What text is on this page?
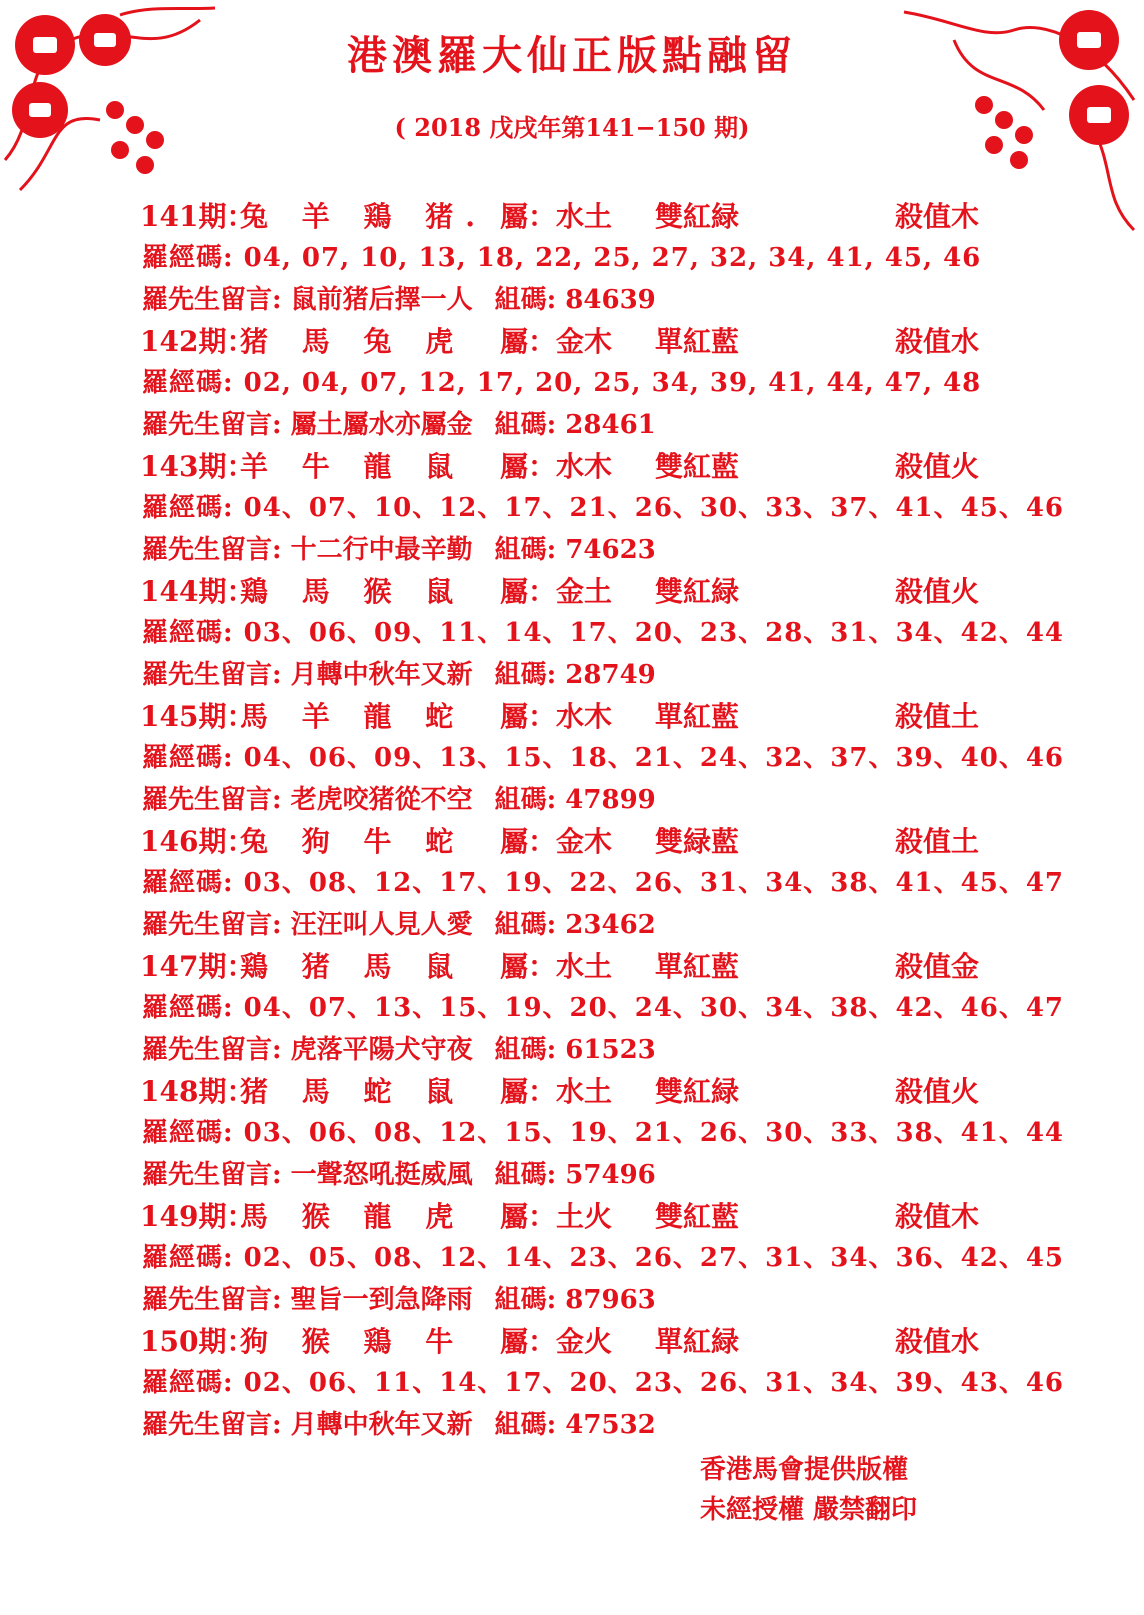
港澳羅大仙正版點融留
( 2018 戊戌年第141−150 期)
141期：
兔 羊 鶏 猪. 屬：水土 雙紅緑	殺值木
羅經碼: 04, 07, 10, 13, 18, 22, 25, 27, 32, 34, 41, 45, 46
羅先生留言: 鼠前猪后擇一人 組碼: 84639
142期：
猪 馬 兔 虎 屬：金木 單紅藍	殺值水
羅經碼: 02, 04, 07, 12, 17, 20, 25, 34, 39, 41, 44, 47, 48
羅先生留言: 屬土屬水亦屬金 組碼: 28461
143期：
羊 牛 龍 鼠 屬：水木 雙紅藍	殺值火
羅經碼: 04、07、10、12、17、21、26、30、33、37、41、45、46
羅先生留言: 十二行中最辛勤 組碼: 74623
144期：
鶏 馬 猴 鼠 屬：金土 雙紅緑	殺值火
羅經碼: 03、06、09、11、14、17、20、23、28、31、34、42、44
羅先生留言: 月轉中秋年又新 組碼: 28749
145期：
馬 羊 龍 蛇 屬：水木 單紅藍	殺值土
羅經碼: 04、06、09、13、15、18、21、24、32、37、39、40、46
羅先生留言: 老虎咬猪從不空 組碼: 47899
146期：
兔 狗 牛 蛇 屬：金木 雙緑藍	殺值土
羅經碼: 03、08、12、17、19、22、26、31、34、38、41、45、47
羅先生留言: 汪汪叫人見人愛 組碼: 23462
147期：
鶏 猪 馬 鼠 屬：水土 單紅藍	殺值金
羅經碼: 04、07、13、15、19、20、24、30、34、38、42、46、47
羅先生留言: 虎落平陽犬守夜 組碼: 61523
148期：
猪 馬 蛇 鼠 屬：水土 雙紅緑	殺值火
羅經碼: 03、06、08、12、15、19、21、26、30、33、38、41、44
羅先生留言: 一聲怒吼挺威風 組碼: 57496
149期：
馬 猴 龍 虎 屬：土火 雙紅藍	殺值木
羅經碼: 02、05、08、12、14、23、26、27、31、34、36、42、45
羅先生留言: 聖旨一到急降雨 組碼: 87963
150期：
狗 猴 鶏 牛 屬：金火 單紅緑	殺值水
羅經碼: 02、06、11、14、17、20、23、26、31、34、39、43、46
羅先生留言: 月轉中秋年又新 組碼: 47532
香港馬會提供版權
未經授權 嚴禁翻印
